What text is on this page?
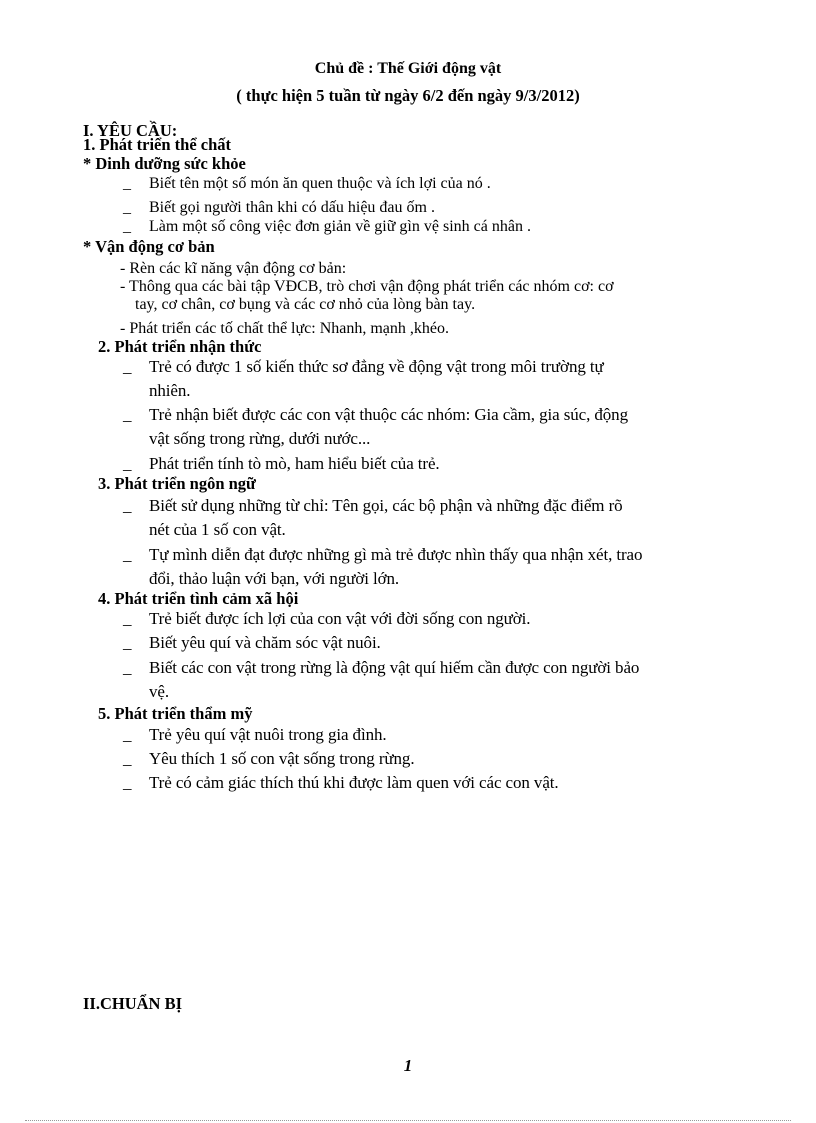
Chủ đề : Thế Giới động vật
( thực hiện 5 tuần từ ngày 6/2 đến ngày 9/3/2012)
I. YÊU CẦU:
1. Phát triển thể chất
* Dinh dưỡng sức khỏe
_ Biết tên một số món ăn quen thuộc và ích lợi của nó .
_ Biết gọi người thân khi có dấu hiệu đau ốm .
_ Làm một số công việc đơn giản về giữ gìn vệ sinh cá nhân .
* Vận động cơ bản
- Rèn các kĩ năng vận động cơ bản:
- Thông qua các bài tập VĐCB, trò chơi vận động phát triển các nhóm cơ: cơ
tay, cơ chân, cơ bụng và các cơ nhỏ của lòng bàn tay.
- Phát triển các tố chất thể lực: Nhanh, mạnh ,khéo.
2. Phát triển nhận thức
_ Trẻ có được 1 số kiến thức sơ đẳng về động vật trong môi trường tự
nhiên.
_ Trẻ nhận biết được các con vật thuộc các nhóm: Gia cầm, gia súc, động
vật sống trong rừng, dưới nước...
_ Phát triển tính tò mò, ham hiểu biết của trẻ.
3. Phát triển ngôn ngữ
_ Biết sử dụng những từ chỉ: Tên gọi, các bộ phận và những đặc điểm rõ
nét của 1 số con vật.
_ Tự mình diễn đạt được những gì mà trẻ được nhìn thấy qua nhận xét, trao
đổi, thảo luận với bạn, với người lớn.
4. Phát triển tình cảm xã hội
_ Trẻ biết được ích lợi của con vật với đời sống con người.
_ Biết yêu quí và chăm sóc vật nuôi.
_ Biết các con vật trong rừng là động vật quí hiếm cần được con người bảo
vệ.
5. Phát triển thẩm mỹ
_ Trẻ yêu quí vật nuôi trong gia đình.
_ Yêu thích 1 số con vật sống trong rừng.
_ Trẻ có cảm giác thích thú khi được làm quen với các con vật.
II.CHUẨN BỊ
1
